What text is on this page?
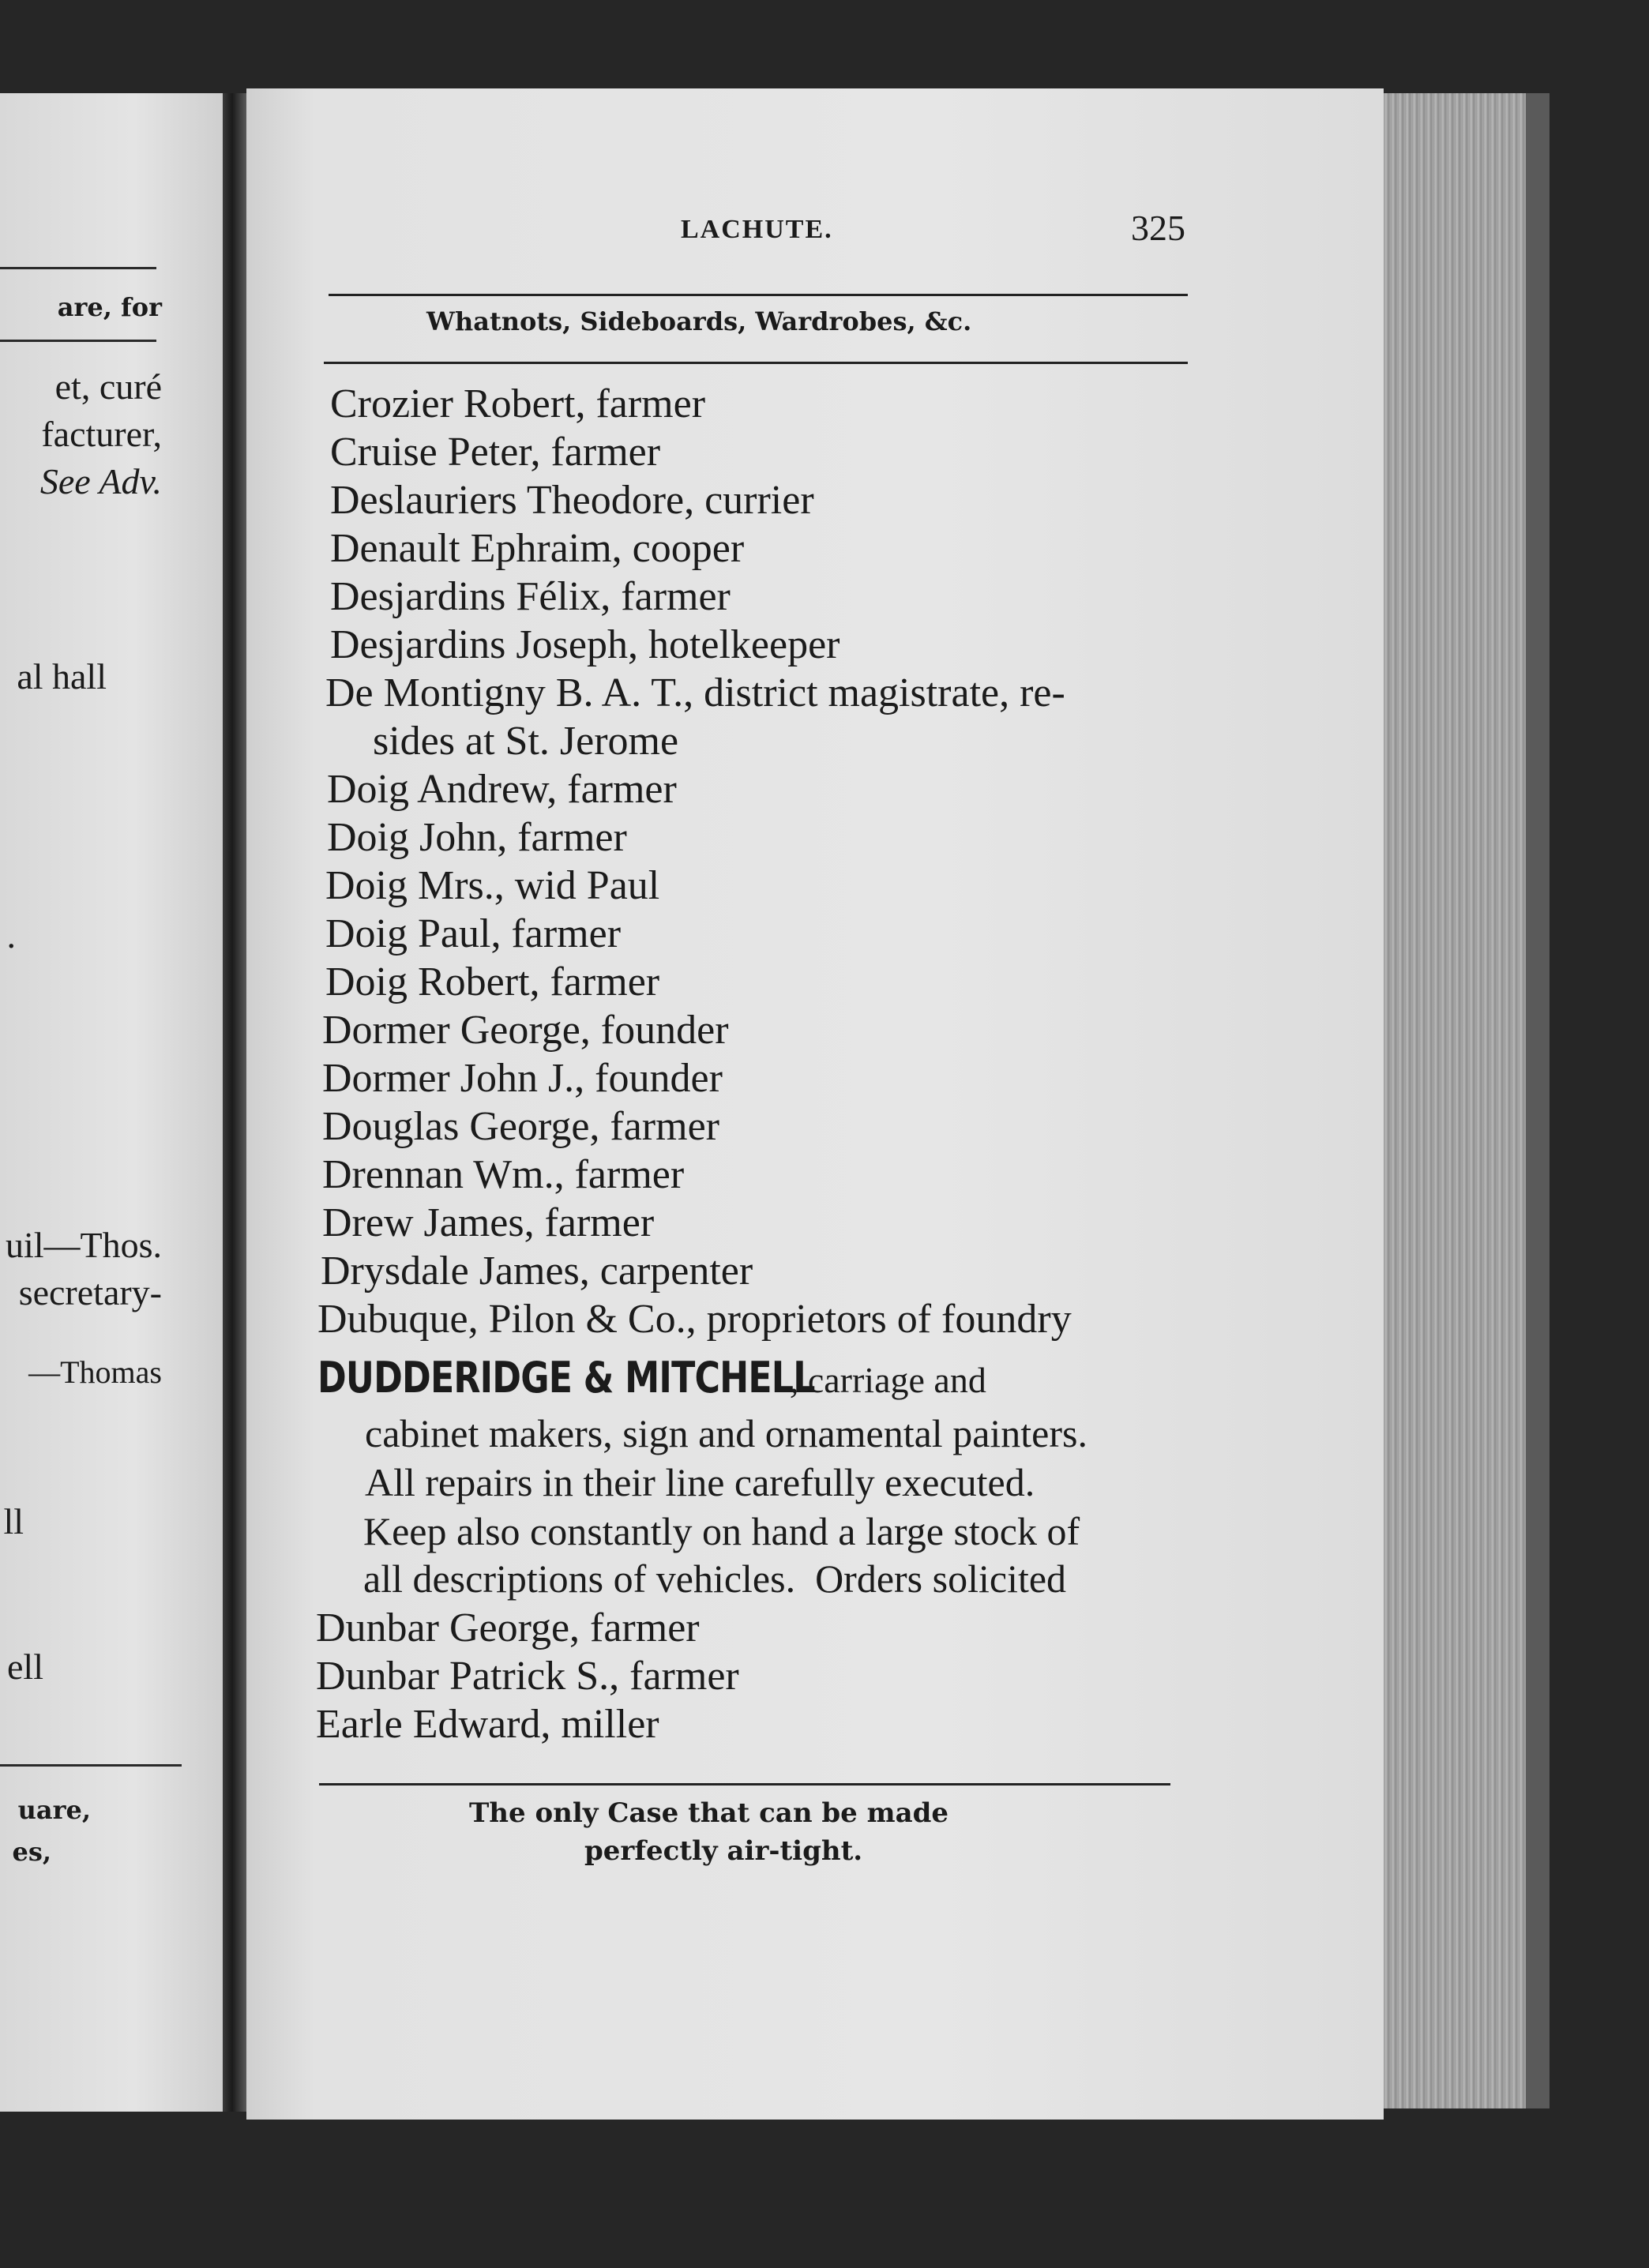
are, for
et, curé
facturer,
See Adv.
al hall
.
uil—Thos.
secretary-
—Thomas
ll
ell
uare,
es,
LACHUTE.	325
Whatnots, Sideboards, Wardrobes, &c.
Crozier Robert, farmer
Cruise Peter, farmer
Deslauriers Theodore, currier
Denault Ephraim, cooper
Desjardins Félix, farmer
Desjardins Joseph, hotelkeeper
De Montigny B. A. T., district magistrate, re-
sides at St. Jerome
Doig Andrew, farmer
Doig John, farmer
Doig Mrs., wid Paul
Doig Paul, farmer
Doig Robert, farmer
Dormer George, founder
Dormer John J., founder
Douglas George, farmer
Drennan Wm., farmer
Drew James, farmer
Drysdale James, carpenter
Dubuque, Pilon & Co., proprietors of foundry
DUDDERIDGE & MITCHELL, carriage and
cabinet makers, sign and ornamental painters.
All repairs in their line carefully executed.
Keep also constantly on hand a large stock of
all descriptions of vehicles.  Orders solicited
Dunbar George, farmer
Dunbar Patrick S., farmer
Earle Edward, miller
The only Case that can be made
perfectly air-tight.
